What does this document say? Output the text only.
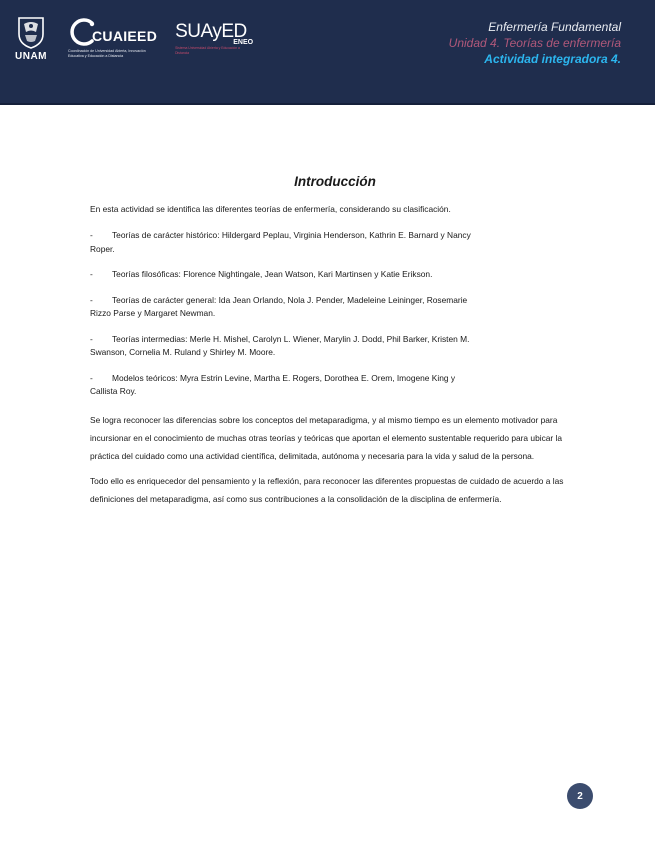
UNAM
CUAIEED
Coordinación de Universidad Abierta, Innovación Educativa y Educación a Distancia
SUAyED
ENEO
Sistema Universidad Abierta y Educación a Distancia
Enfermería Fundamental
Unidad 4. Teorías de enfermería
Actividad integradora 4.
Introducción

En esta actividad se identifica las diferentes teorías de enfermería, considerando su clasificación.

- Teorías de carácter histórico: Hildergard Peplau, Virginia Henderson, Kathrin E. Barnard y Nancy Roper.
- Teorías filosóficas: Florence Nightingale, Jean Watson, Kari Martinsen y Katie Erikson.
- Teorías de carácter general: Ida Jean Orlando, Nola J. Pender, Madeleine Leininger, Rosemarie Rizzo Parse y Margaret Newman.
- Teorías intermedias: Merle H. Mishel, Carolyn L. Wiener, Marylin J. Dodd, Phil Barker, Kristen M. Swanson, Cornelia M. Ruland y Shirley M. Moore.
- Modelos teóricos: Myra Estrin Levine, Martha E. Rogers, Dorothea E. Orem, Imogene King y Callista Roy.

Se logra reconocer las diferencias sobre los conceptos del metaparadigma, y al mismo tiempo es un elemento motivador para incursionar en el conocimiento de muchas otras teorías y teóricas que aportan el elemento sustentable requerido para ubicar la práctica del cuidado como una actividad científica, delimitada, autónoma y necesaria para la vida y salud de la persona.

Todo ello es enriquecedor del pensamiento y la reflexión, para reconocer las diferentes propuestas de cuidado de acuerdo a las definiciones del metaparadigma, así como sus contribuciones a la consolidación de la disciplina de enfermería.

2
